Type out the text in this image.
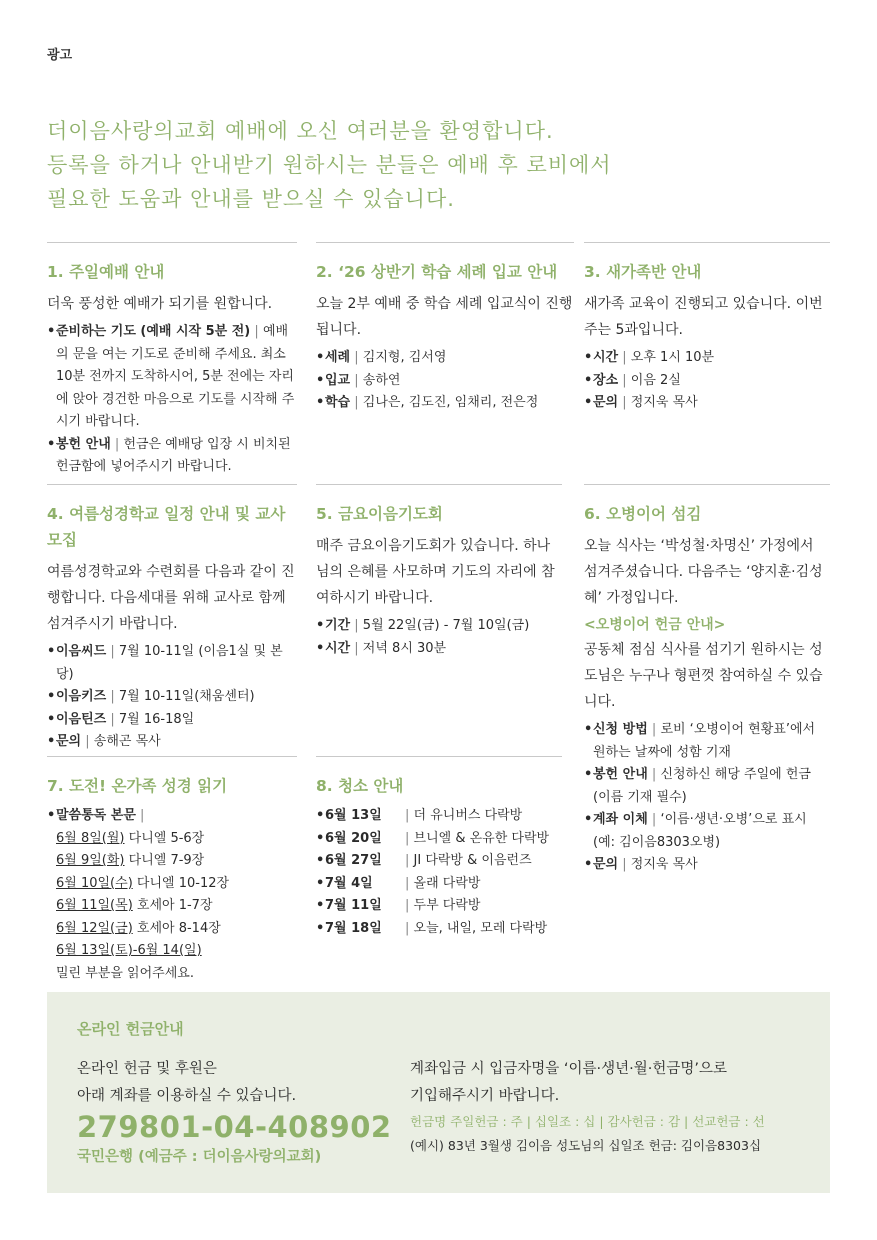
광고
더이음사랑의교회 예배에 오신 여러분을 환영합니다.
등록을 하거나 안내받기 원하시는 분들은 예배 후 로비에서
필요한 도움과 안내를 받으실 수 있습니다.
1. 주일예배 안내
더욱 풍성한 예배가 되기를 원합니다.
• 준비하는 기도 (예배 시작 5분 전) | 예배의 문을 여는 기도로 준비해 주세요. 최소 10분 전까지 도착하시어, 5분 전에는 자리에 앉아 경건한 마음으로 기도를 시작해 주시기 바랍니다.
• 봉헌 안내 | 헌금은 예배당 입장 시 비치된 헌금함에 넣어주시기 바랍니다.
2. ‘26 상반기 학습 세례 입교 안내
오늘 2부 예배 중 학습 세례 입교식이 진행됩니다.
• 세례 | 김지형, 김서영
• 입교 | 송하연
• 학습 | 김나은, 김도진, 임채리, 전은정
3. 새가족반 안내
새가족 교육이 진행되고 있습니다. 이번 주는 5과입니다.
• 시간 | 오후 1시 10분
• 장소 | 이음 2실
• 문의 | 정지욱 목사
4. 여름성경학교 일정 안내 및 교사 모집
여름성경학교와 수련회를 다음과 같이 진행합니다. 다음세대를 위해 교사로 함께 섬겨주시기 바랍니다.
• 이음씨드 | 7월 10-11일 (이음1실 및 본당)
• 이음키즈 | 7월 10-11일(채움센터)
• 이음틴즈 | 7월 16-18일
• 문의 | 송해곤 목사
5. 금요이음기도회
매주 금요이음기도회가 있습니다. 하나님의 은혜를 사모하며 기도의 자리에 참여하시기 바랍니다.
• 기간 | 5월 22일(금) - 7월 10일(금)
• 시간 | 저녁 8시 30분
6. 오병이어 섬김
오늘 식사는 ‘박성철·차명신’ 가정에서 섬겨주셨습니다. 다음주는 ‘양지훈·김성혜’ 가정입니다.
<오병이어 헌금 안내>
공동체 점심 식사를 섬기기 원하시는 성도님은 누구나 형편껏 참여하실 수 있습니다.
• 신청 방법 | 로비 ‘오병이어 현황표’에서 원하는 날짜에 성함 기재
• 봉헌 안내 | 신청하신 해당 주일에 헌금 (이름 기재 필수)
• 계좌 이체 | ‘이름·생년·오병’으로 표시 (예: 김이음8303오병)
• 문의 | 정지욱 목사
7. 도전! 온가족 성경 읽기
• 말씀통독 본문 |
6월 8일(월) 다니엘 5-6장
6월 9일(화) 다니엘 7-9장
6월 10일(수) 다니엘 10-12장
6월 11일(목) 호세아 1-7장
6월 12일(금) 호세아 8-14장
6월 13일(토)-6월 14(일)
밀린 부분을 읽어주세요.
8. 청소 안내
• 6월 13일	| 더 유니버스 다락방
• 6월 20일	| 브니엘 & 온유한 다락방
• 6월 27일	| JI 다락방 & 이음런즈
• 7월 4일	| 올래 다락방
• 7월 11일	| 두부 다락방
• 7월 18일	| 오늘, 내일, 모레 다락방
온라인 헌금안내
온라인 헌금 및 후원은
아래 계좌를 이용하실 수 있습니다.
279801-04-408902
국민은행 (예금주 : 더이음사랑의교회)
계좌입금 시 입금자명을 ‘이름·생년·월·헌금명’으로
기입해주시기 바랍니다.
헌금명 주일헌금 : 주 | 십일조 : 십 | 감사헌금 : 감 | 선교헌금 : 선
(예시) 83년 3월생 김이음 성도님의 십일조 헌금: 김이음8303십
